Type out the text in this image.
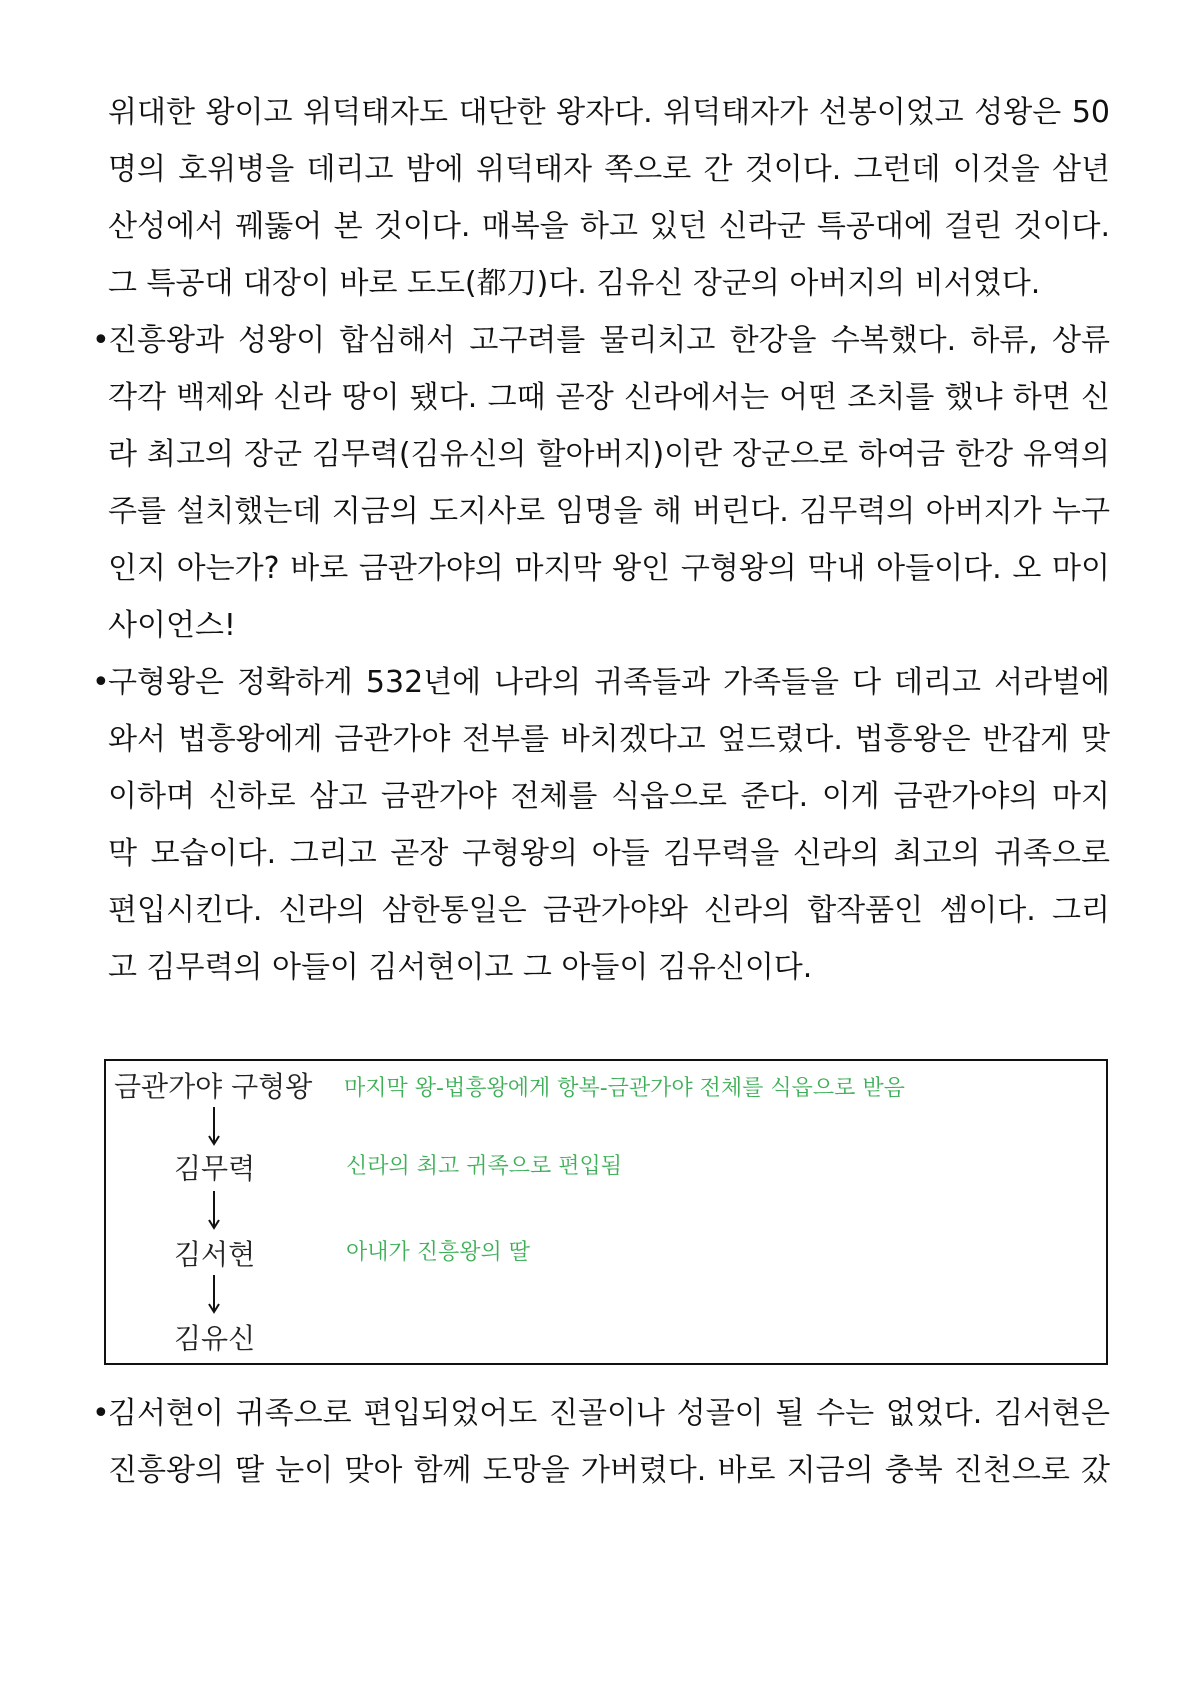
위대한 왕이고 위덕태자도 대단한 왕자다. 위덕태자가 선봉이었고 성왕은 50
명의 호위병을 데리고 밤에 위덕태자 쪽으로 간 것이다. 그런데 이것을 삼년
산성에서 꿰뚫어 본 것이다. 매복을 하고 있던 신라군 특공대에 걸린 것이다.
그 특공대 대장이 바로 도도(都刀)다. 김유신 장군의 아버지의 비서였다.
•진흥왕과 성왕이 합심해서 고구려를 물리치고 한강을 수복했다. 하류, 상류
각각 백제와 신라 땅이 됐다. 그때 곧장 신라에서는 어떤 조치를 했냐 하면 신
라 최고의 장군 김무력(김유신의 할아버지)이란 장군으로 하여금 한강 유역의
주를 설치했는데 지금의 도지사로 임명을 해 버린다. 김무력의 아버지가 누구
인지 아는가? 바로 금관가야의 마지막 왕인 구형왕의 막내 아들이다. 오 마이
사이언스!
•구형왕은 정확하게 532년에 나라의 귀족들과 가족들을 다 데리고 서라벌에
와서 법흥왕에게 금관가야 전부를 바치겠다고 엎드렸다. 법흥왕은 반갑게 맞
이하며 신하로 삼고 금관가야 전체를 식읍으로 준다. 이게 금관가야의 마지
막 모습이다. 그리고 곧장 구형왕의 아들 김무력을 신라의 최고의 귀족으로
편입시킨다. 신라의 삼한통일은 금관가야와 신라의 합작품인 셈이다. 그리
고 김무력의 아들이 김서현이고 그 아들이 김유신이다.
금관가야 구형왕 마지막 왕-법흥왕에게 항복-금관가야 전체를 식읍으로 받음
김무력	신라의 최고 귀족으로 편입됨
김서현	아내가 진흥왕의 딸
김유신
•김서현이 귀족으로 편입되었어도 진골이나 성골이 될 수는 없었다. 김서현은
진흥왕의 딸 눈이 맞아 함께 도망을 가버렸다. 바로 지금의 충북 진천으로 갔
